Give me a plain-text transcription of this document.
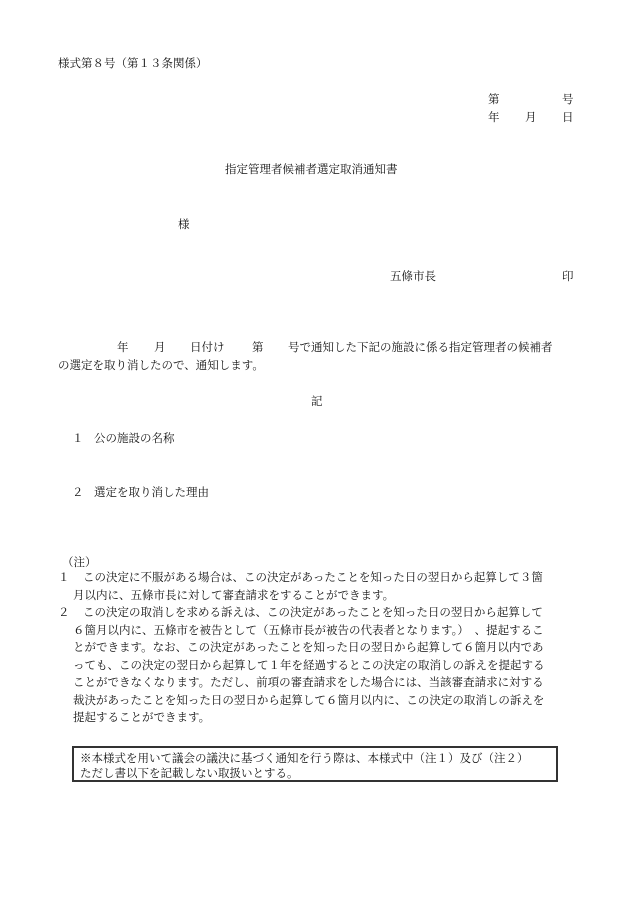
様式第８号（第１３条関係）
第	号
年 月 日
指定管理者候補者選定取消通知書
様
五條市長	印
年 月 日付け 第 号で通知した下記の施設に係る指定管理者の候補者
の選定を取り消したので、通知します。
記
１ 公の施設の名称
２ 選定を取り消した理由
（注）
１	この決定に不服がある場合は、この決定があったことを知った日の翌日から起算して３箇
月以内に、五條市長に対して審査請求をすることができます。
２	この決定の取消しを求める訴えは、この決定があったことを知った日の翌日から起算して
６箇月以内に、五條市を被告として（五條市長が被告の代表者となります。）　、提起するこ
とができます。なお、この決定があったことを知った日の翌日から起算して６箇月以内であ
っても、この決定の翌日から起算して１年を経過するとこの決定の取消しの訴えを提起する
ことができなくなります。ただし、前項の審査請求をした場合には、当該審査請求に対する
裁決があったことを知った日の翌日から起算して６箇月以内に、この決定の取消しの訴えを
提起することができます。
※本様式を用いて議会の議決に基づく通知を行う際は、本様式中（注１）及び（注２）
ただし書以下を記載しない取扱いとする。
